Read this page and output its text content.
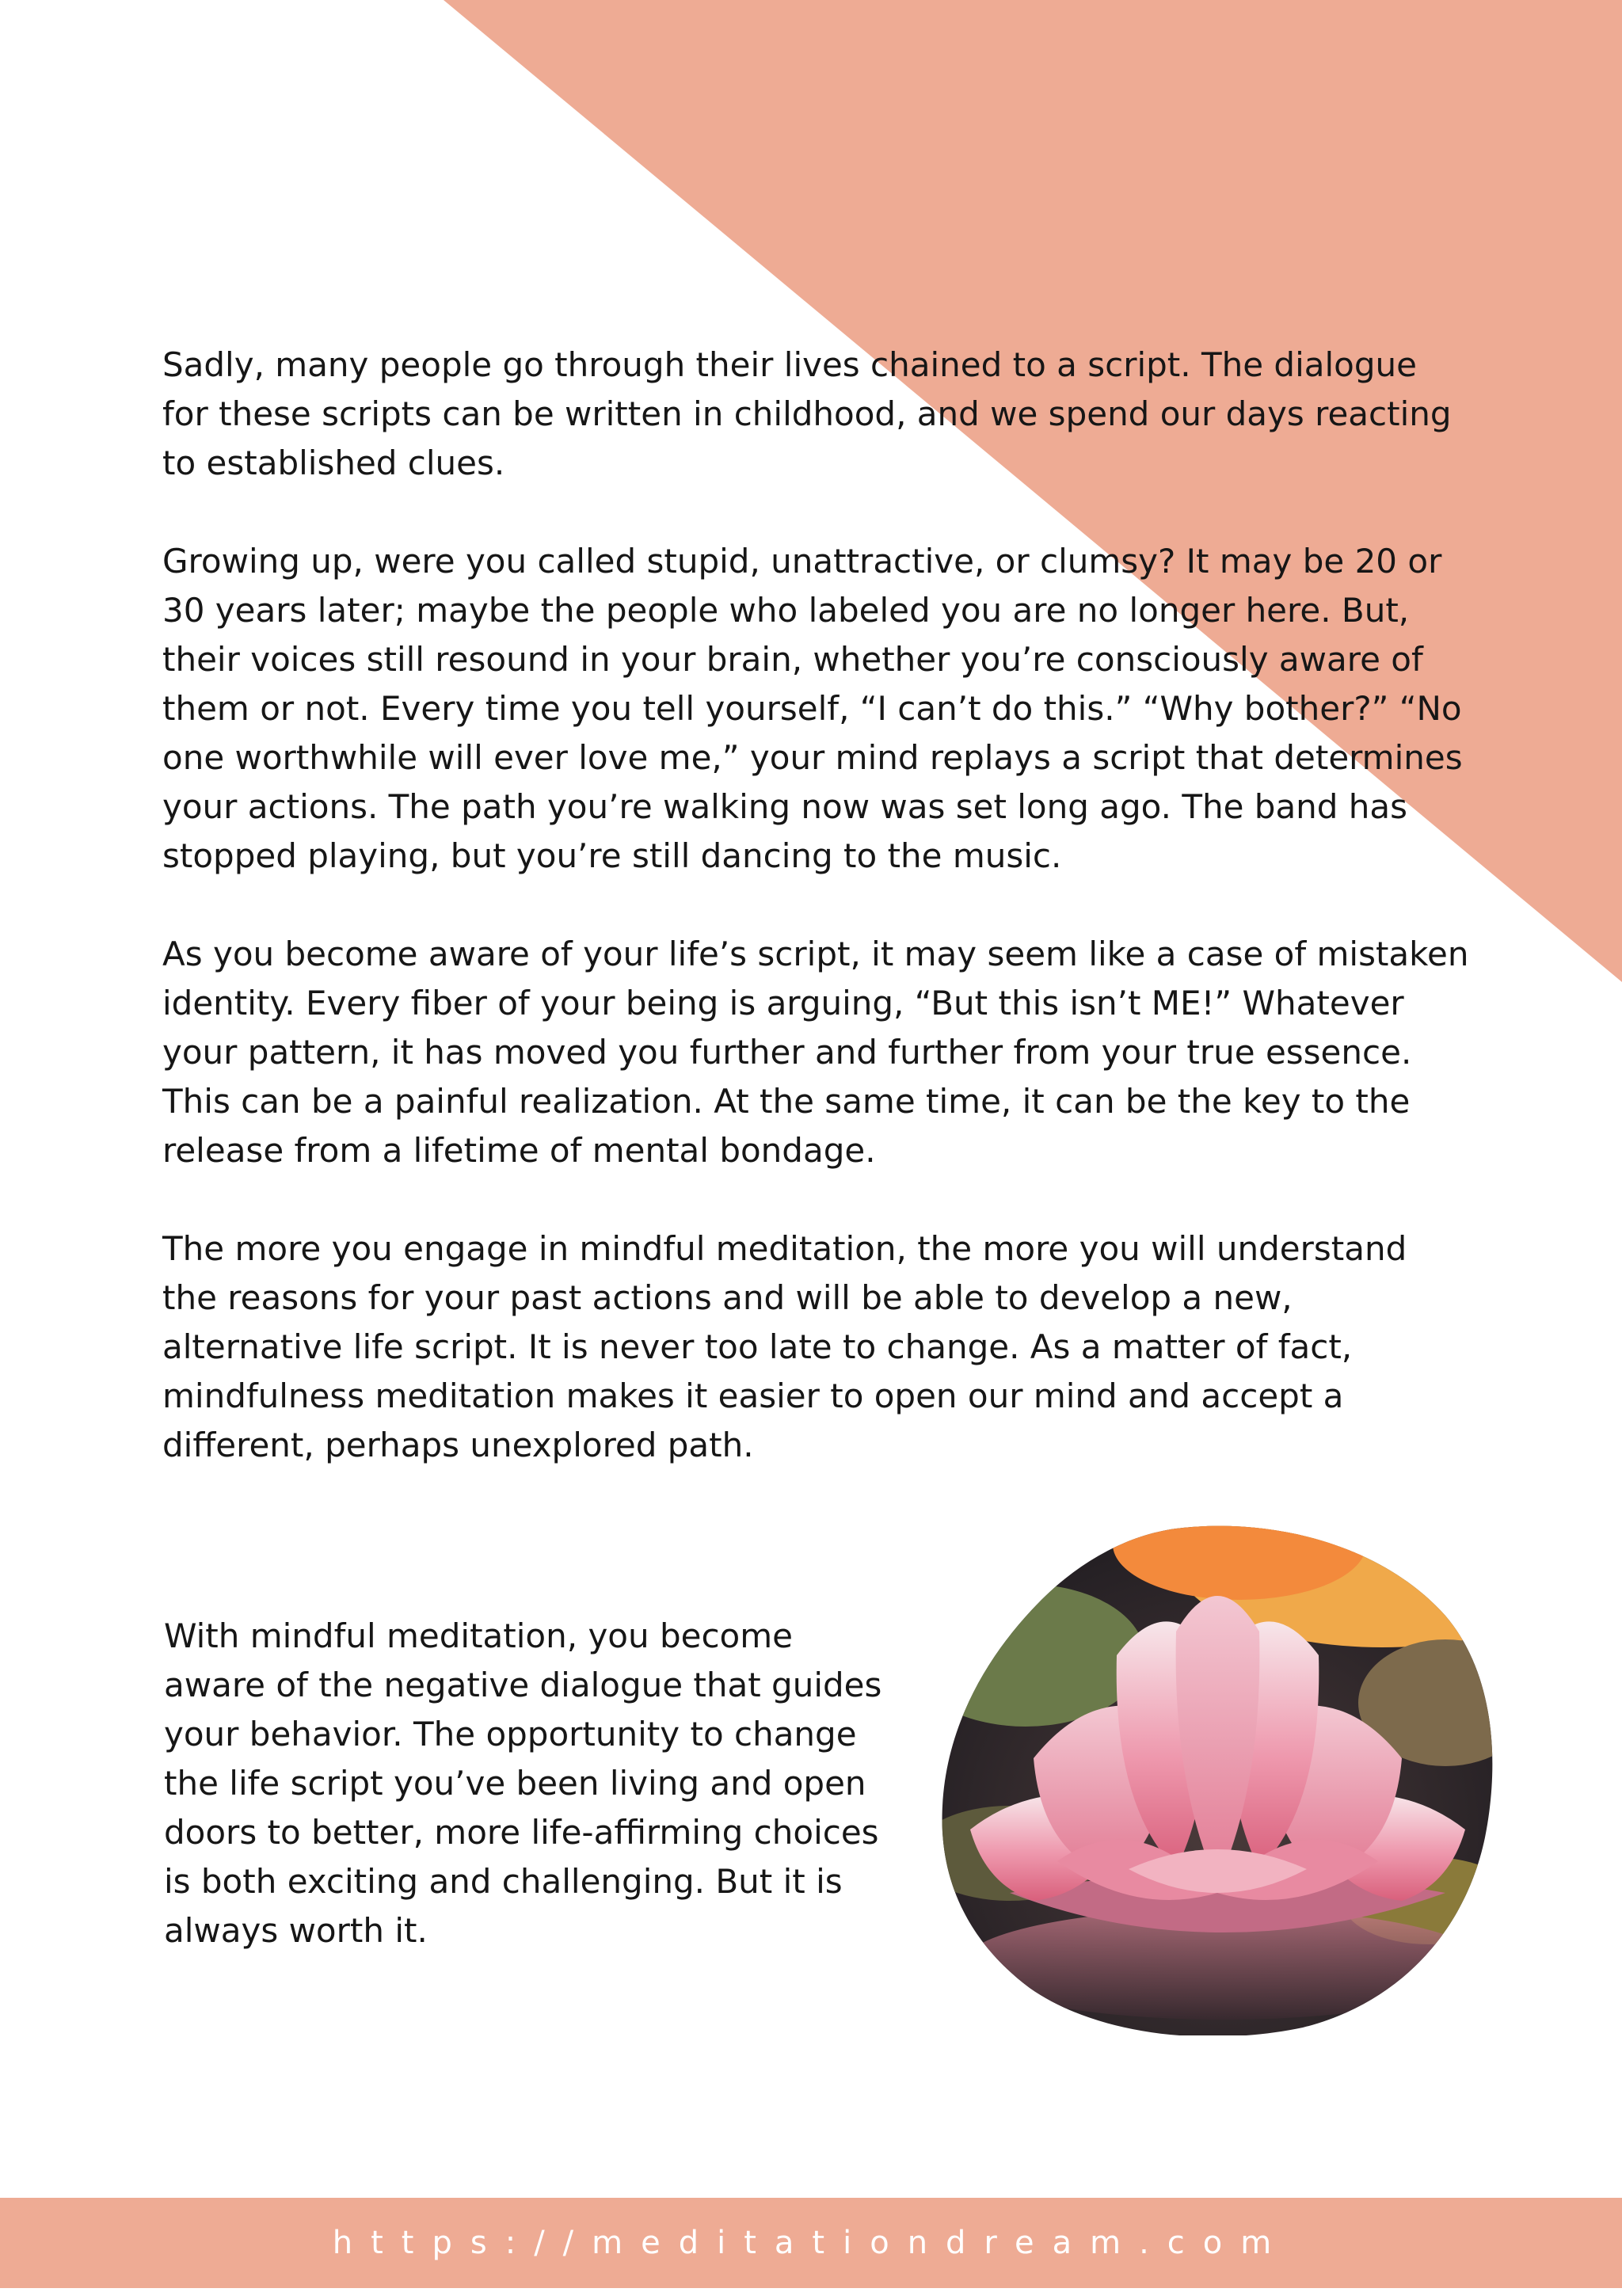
Sadly, many people go through their lives chained to a script. The dialogue for these scripts can be written in childhood, and we spend our days reacting to established clues.

Growing up, were you called stupid, unattractive, or clumsy? It may be 20 or 30 years later; maybe the people who labeled you are no longer here. But, their voices still resound in your brain, whether you’re consciously aware of them or not. Every time you tell yourself, “I can’t do this.” “Why bother?” “No one worthwhile will ever love me,” your mind replays a script that determines your actions. The path you’re walking now was set long ago. The band has stopped playing, but you’re still dancing to the music.

As you become aware of your life’s script, it may seem like a case of mistaken identity. Every fiber of your being is arguing, “But this isn’t ME!” Whatever your pattern, it has moved you further and further from your true essence. This can be a painful realization. At the same time, it can be the key to the release from a lifetime of mental bondage.

The more you engage in mindful meditation, the more you will understand the reasons for your past actions and will be able to develop a new, alternative life script. It is never too late to change. As a matter of fact, mindfulness meditation makes it easier to open our mind and accept a different, perhaps unexplored path.

With mindful meditation, you become aware of the negative dialogue that guides your behavior. The opportunity to change the life script you’ve been living and open doors to better, more life-affirming choices is both exciting and challenging. But it is always worth it.

https://meditationdream.com
